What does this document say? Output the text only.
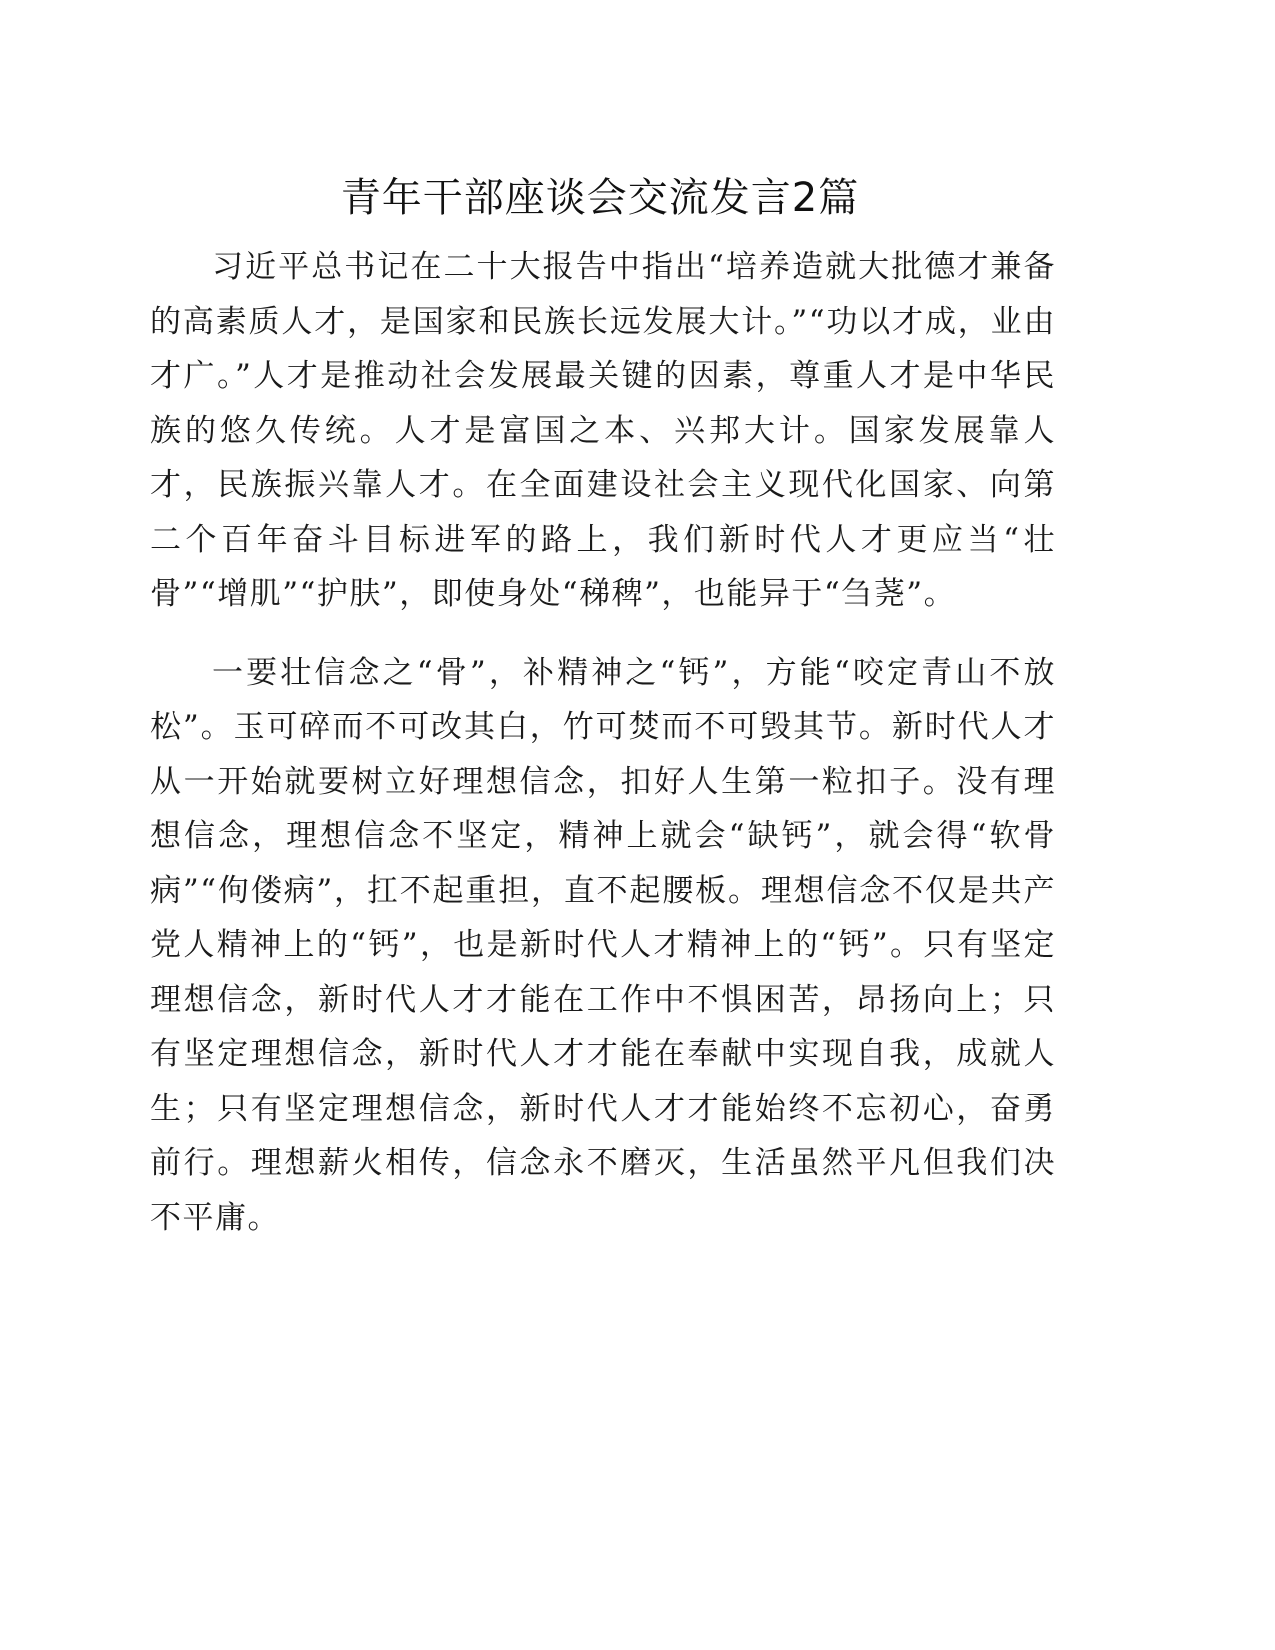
青年干部座谈会交流发言2篇

习近平总书记在二十大报告中指出“培养造就大批德才兼备的高素质人才，是国家和民族长远发展大计。”“功以才成，业由才广。”人才是推动社会发展最关键的因素，尊重人才是中华民族的悠久传统。人才是富国之本、兴邦大计。国家发展靠人才，民族振兴靠人才。在全面建设社会主义现代化国家、向第二个百年奋斗目标进军的路上，我们新时代人才更应当“壮骨”“增肌”“护肤”，即使身处“稊稗”，也能异于“刍荛”。

一要壮信念之“骨”，补精神之“钙”，方能“咬定青山不放松”。玉可碎而不可改其白，竹可焚而不可毁其节。新时代人才从一开始就要树立好理想信念，扣好人生第一粒扣子。没有理想信念，理想信念不坚定，精神上就会“缺钙”，就会得“软骨病”“佝偻病”，扛不起重担，直不起腰板。理想信念不仅是共产党人精神上的“钙”，也是新时代人才精神上的“钙”。只有坚定理想信念，新时代人才才能在工作中不惧困苦，昂扬向上；只有坚定理想信念，新时代人才才能在奉献中实现自我，成就人生；只有坚定理想信念，新时代人才才能始终不忘初心，奋勇前行。理想薪火相传，信念永不磨灭，生活虽然平凡但我们决不平庸。
